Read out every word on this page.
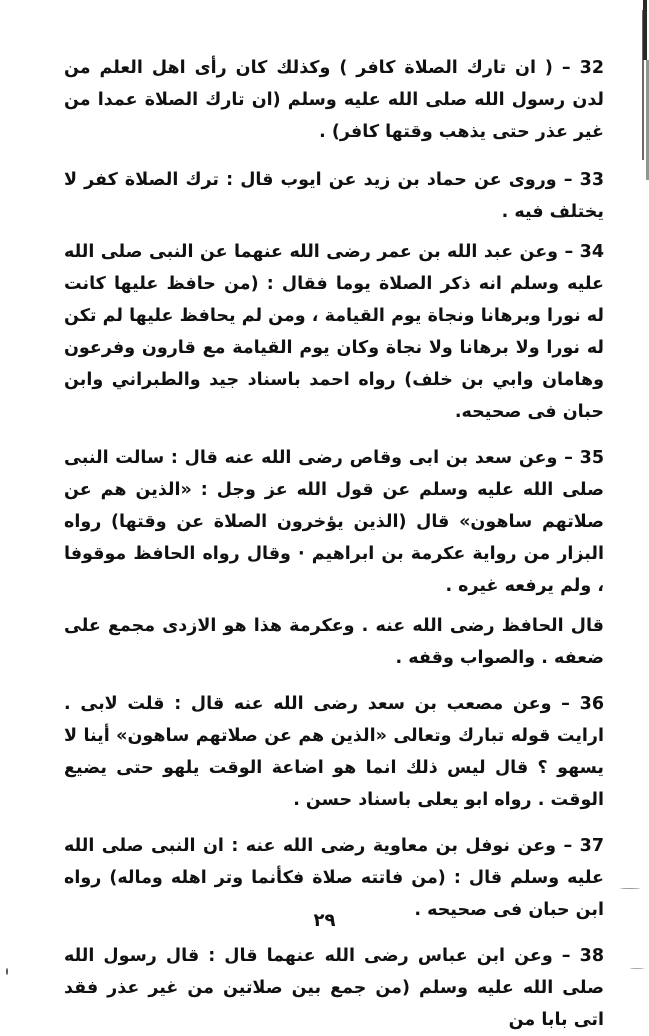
32 – ( ان تارك الصلاة كافر ) وكذلك كان رأى اهل العلم من لدن رسول الله صلى الله عليه وسلم (ان تارك الصلاة عمدا من غير عذر حتى يذهب وقتها كافر) .

33 – وروى عن حماد بن زيد عن ايوب قال : ترك الصلاة كفر لا يختلف فيه .

34 – وعن عبد الله بن عمر رضى الله عنهما عن النبى صلى الله عليه وسلم انه ذكر الصلاة يوما فقال : (من حافظ عليها كانت له نورا وبرهانا ونجاة يوم القيامة ، ومن لم يحافظ عليها لم تكن له نورا ولا برهانا ولا نجاة وكان يوم القيامة مع قارون وفرعون وهامان وابي بن خلف) رواه احمد باسناد جيد والطبراني وابن حبان فى صحيحه.

35 – وعن سعد بن ابى وقاص رضى الله عنه قال : سالت النبى صلى الله عليه وسلم عن قول الله عز وجل : «الذين هم عن صلاتهم ساهون» قال (الذين يؤخرون الصلاة عن وقتها) رواه البزار من رواية عكرمة بن ابراهيم · وقال رواه الحافظ موقوفا ، ولم يرفعه غيره .

قال الحافظ رضى الله عنه . وعكرمة هذا هو الازدى مجمع على ضعفه . والصواب وقفه .

36 – وعن مصعب بن سعد رضى الله عنه قال : قلت لابى . ارايت قوله تبارك وتعالى «الذين هم عن صلاتهم ساهون» أينا لا يسهو ؟ قال ليس ذلك انما هو اضاعة الوقت يلهو حتى يضيع الوقت . رواه ابو يعلى باسناد حسن .

37 – وعن نوفل بن معاوية رضى الله عنه : ان النبى صلى الله عليه وسلم قال : (من فاتته صلاة فكأنما وتر اهله وماله) رواه ابن حبان فى صحيحه .

38 – وعن ابن عباس رضى الله عنهما قال : قال رسول الله صلى الله عليه وسلم (من جمع بين صلاتين من غير عذر فقد اتى بابا من

٢٩
